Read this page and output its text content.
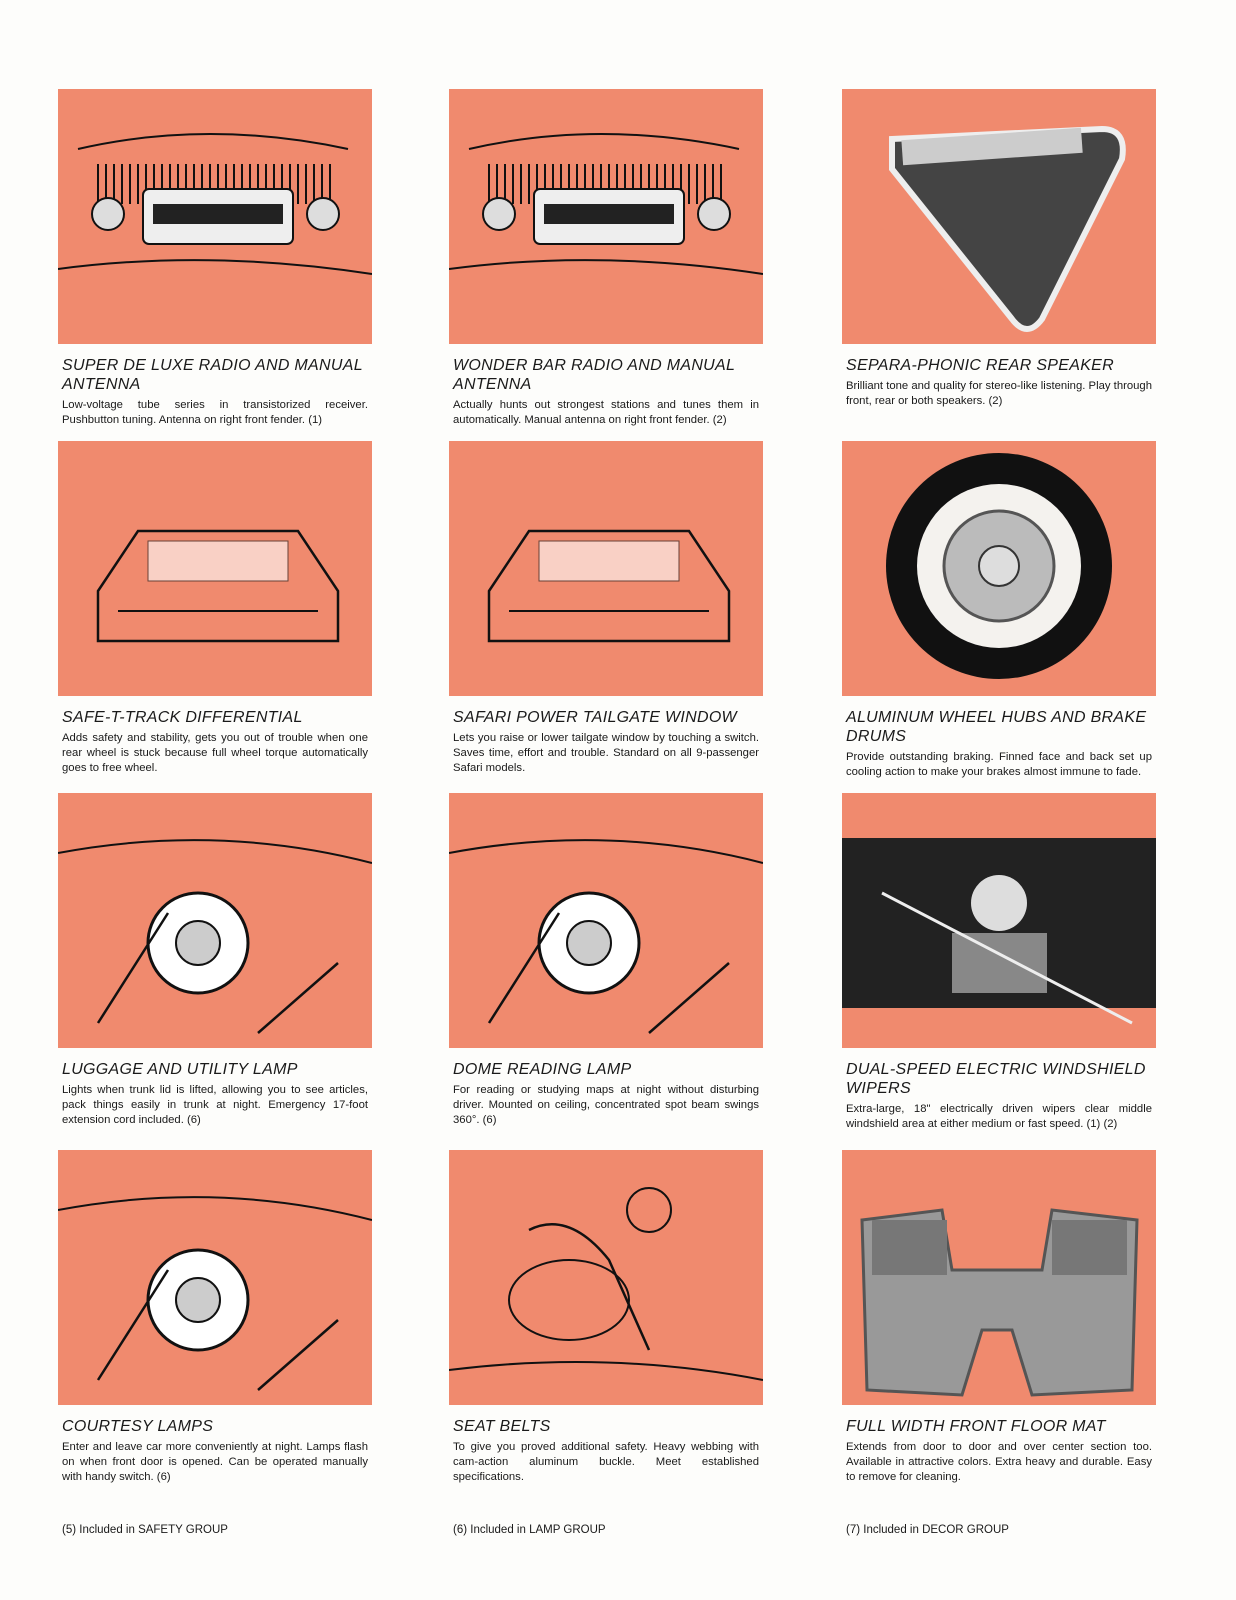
SUPER DE LUXE RADIO AND MANUAL ANTENNA
Low-voltage tube series in transistorized receiver. Pushbutton tuning. Antenna on right front fender. (1)
WONDER BAR RADIO AND MANUAL ANTENNA
Actually hunts out strongest stations and tunes them in automatically. Manual antenna on right front fender. (2)
SEPARA-PHONIC REAR SPEAKER
Brilliant tone and quality for stereo-like listening. Play through front, rear or both speakers. (2)
SAFE-T-TRACK DIFFERENTIAL
Adds safety and stability, gets you out of trouble when one rear wheel is stuck because full wheel torque automatically goes to free wheel.
SAFARI POWER TAILGATE WINDOW
Lets you raise or lower tailgate window by touching a switch. Saves time, effort and trouble. Standard on all 9-passenger Safari models.
ALUMINUM WHEEL HUBS AND BRAKE DRUMS
Provide outstanding braking. Finned face and back set up cooling action to make your brakes almost immune to fade.
LUGGAGE AND UTILITY LAMP
Lights when trunk lid is lifted, allowing you to see articles, pack things easily in trunk at night. Emergency 17-foot extension cord included. (6)
DOME READING LAMP
For reading or studying maps at night without disturbing driver. Mounted on ceiling, concentrated spot beam swings 360°. (6)
DUAL-SPEED ELECTRIC WINDSHIELD WIPERS
Extra-large, 18" electrically driven wipers clear middle windshield area at either medium or fast speed. (1) (2)
COURTESY LAMPS
Enter and leave car more conveniently at night. Lamps flash on when front door is opened. Can be operated manually with handy switch. (6)
SEAT BELTS
To give you proved additional safety. Heavy webbing with cam-action aluminum buckle. Meet established specifications.
FULL WIDTH FRONT FLOOR MAT
Extends from door to door and over center section too. Available in attractive colors. Extra heavy and durable. Easy to remove for cleaning.
(5) Included in SAFETY GROUP	(6) Included in LAMP GROUP	(7) Included in DECOR GROUP
